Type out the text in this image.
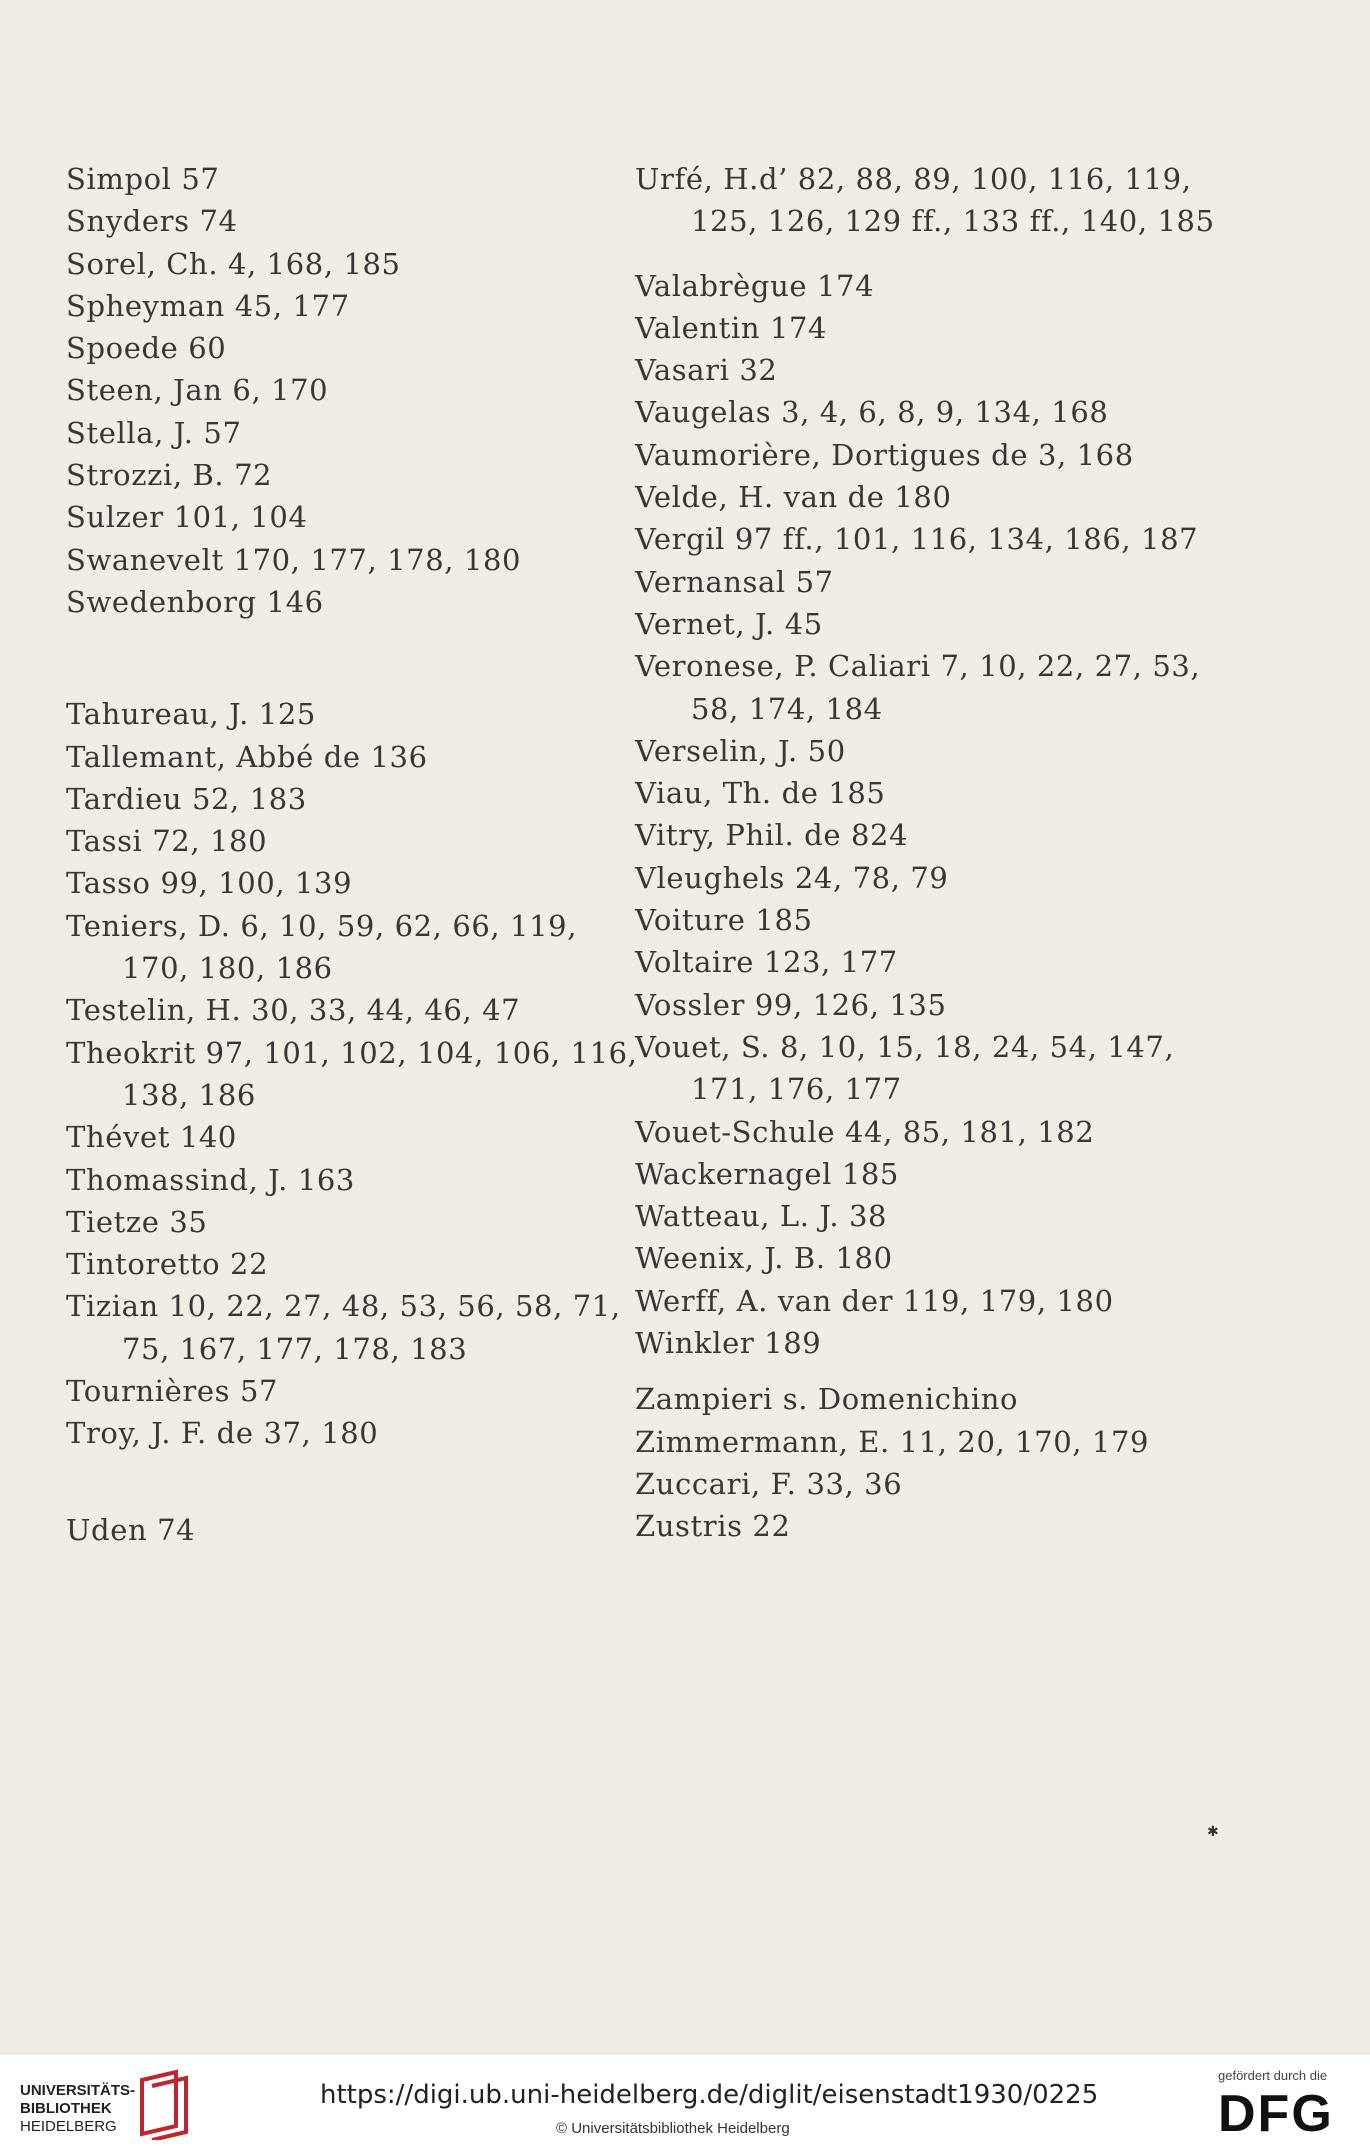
Simpol 57
Snyders 74
Sorel, Ch. 4, 168, 185
Spheyman 45, 177
Spoede 60
Steen, Jan 6, 170
Stella, J. 57
Strozzi, B. 72
Sulzer 101, 104
Swanevelt 170, 177, 178, 180
Swedenborg 146
Tahureau, J. 125
Tallemant, Abbé de 136
Tardieu 52, 183
Tassi 72, 180
Tasso 99, 100, 139
Teniers, D. 6, 10, 59, 62, 66, 119,
170, 180, 186
Testelin, H. 30, 33, 44, 46, 47
Theokrit 97, 101, 102, 104, 106, 116,
138, 186
Thévet 140
Thomassind, J. 163
Tietze 35
Tintoretto 22
Tizian 10, 22, 27, 48, 53, 56, 58, 71,
75, 167, 177, 178, 183
Tournières 57
Troy, J. F. de 37, 180
Uden 74
Urfé, H.d’ 82, 88, 89, 100, 116, 119,
125, 126, 129 ff., 133 ff., 140, 185
Valabrègue 174
Valentin 174
Vasari 32
Vaugelas 3, 4, 6, 8, 9, 134, 168
Vaumorière, Dortigues de 3, 168
Velde, H. van de 180
Vergil 97 ff., 101, 116, 134, 186, 187
Vernansal 57
Vernet, J. 45
Veronese, P. Caliari 7, 10, 22, 27, 53,
58, 174, 184
Verselin, J. 50
Viau, Th. de 185
Vitry, Phil. de 824
Vleughels 24, 78, 79
Voiture 185
Voltaire 123, 177
Vossler 99, 126, 135
Vouet, S. 8, 10, 15, 18, 24, 54, 147,
171, 176, 177
Vouet-Schule 44, 85, 181, 182
Wackernagel 185
Watteau, L. J. 38
Weenix, J. B. 180
Werff, A. van der 119, 179, 180
Winkler 189
Zampieri s. Domenichino
Zimmermann, E. 11, 20, 170, 179
Zuccari, F. 33, 36
Zustris 22
✱
UNIVERSITÄTS-
BIBLIOTHEK
HEIDELBERG
https://digi.ub.uni-heidelberg.de/diglit/eisenstadt1930/0225
© Universitätsbibliothek Heidelberg
gefördert durch die
DFG
